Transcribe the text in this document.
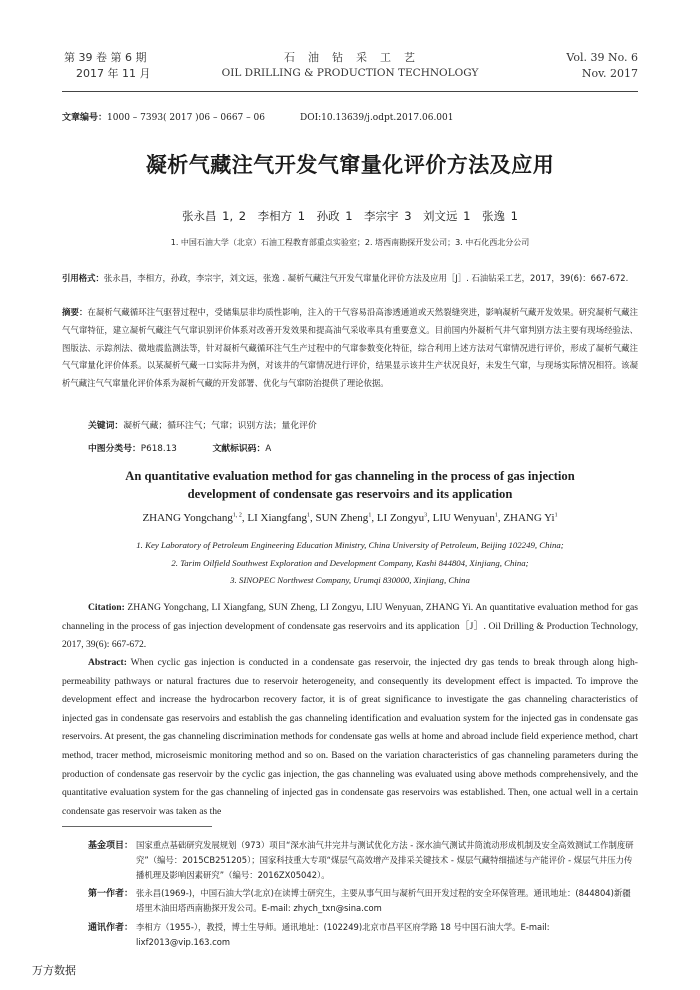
第 39 卷 第 6 期
2017 年 11 月
石　油　钻　采　工　艺
OIL DRILLING & PRODUCTION TECHNOLOGY
Vol. 39 No. 6
Nov. 2017
文章编号：1000 – 7393( 2017 )06 – 0667 – 06	DOI:10.13639/j.odpt.2017.06.001
凝析气藏注气开发气窜量化评价方法及应用
张永昌 1, 2　李相方 1　孙政 1　李宗宇 3　刘文远 1　张逸 1
1. 中国石油大学（北京）石油工程教育部重点实验室；2. 塔西南勘探开发公司；3. 中石化西北分公司
引用格式：张永昌，李相方，孙政，李宗宇，刘文远，张逸 . 凝析气藏注气开发气窜量化评价方法及应用［J］. 石油钻采工艺，2017，39(6)：667-672.
摘要：在凝析气藏循环注气驱替过程中，受储集层非均质性影响，注入的干气容易沿高渗透通道或天然裂缝突进，影响凝析气藏开发效果。研究凝析气藏注气气窜特征，建立凝析气藏注气气窜识别评价体系对改善开发效果和提高油气采收率具有重要意义。目前国内外凝析气井气窜判别方法主要有现场经验法、图版法、示踪剂法、微地震监测法等，针对凝析气藏循环注气生产过程中的气窜参数变化特征，综合利用上述方法对气窜情况进行评价，形成了凝析气藏注气气窜量化评价体系。以某凝析气藏一口实际井为例，对该井的气窜情况进行评价，结果显示该井生产状况良好，未发生气窜，与现场实际情况相符。该凝析气藏注气气窜量化评价体系为凝析气藏的开发部署、优化与气窜防治提供了理论依据。
关键词：凝析气藏；循环注气；气窜；识别方法；量化评价
中图分类号：P618.13	文献标识码：A
An quantitative evaluation method for gas channeling in the process of gas injection
development of condensate gas reservoirs and its application
ZHANG Yongchang$^{1, 2}$, LI Xiangfang$^1$, SUN Zheng$^1$, LI Zongyu$^3$, LIU Wenyuan$^1$, ZHANG Yi$^1$
1. Key Laboratory of Petroleum Engineering Education Ministry, China University of Petroleum, Beijing 102249, China;
2. Tarim Oilfield Southwest Exploration and Development Company, Kashi 844804, Xinjiang, China;
3. SINOPEC Northwest Company, Urumqi 830000, Xinjiang, China
Citation: ZHANG Yongchang, LI Xiangfang, SUN Zheng, LI Zongyu, LIU Wenyuan, ZHANG Yi. An quantitative evaluation method for gas channeling in the process of gas injection development of condensate gas reservoirs and its application［J］. Oil Drilling & Production Technology, 2017, 39(6): 667-672.
Abstract: When cyclic gas injection is conducted in a condensate gas reservoir, the injected dry gas tends to break through along high-permeability pathways or natural fractures due to reservoir heterogeneity, and consequently its development effect is impacted. To improve the development effect and increase the hydrocarbon recovery factor, it is of great significance to investigate the gas channeling characteristics of injected gas in condensate gas reservoirs and establish the gas channeling identification and evaluation system for the injected gas in condensate gas reservoirs. At present, the gas channeling discrimination methods for condensate gas wells at home and abroad include field experience method, chart method, tracer method, microseismic monitoring method and so on. Based on the variation characteristics of gas channeling parameters during the production of condensate gas reservoir by the cyclic gas injection, the gas channeling was evaluated using above methods comprehensively, and the quantitative evaluation system for the gas channeling of injected gas in condensate gas reservoirs was established. Then, one actual well in a certain condensate gas reservoir was taken as the
基金项目： 国家重点基础研究发展规划（973）项目“深水油气井完井与测试优化方法 - 深水油气测试井筒流动形成机制及安全高效测试工作制度研究”（编号：2015CB251205）；国家科技重大专项“煤层气高效增产及排采关键技术 - 煤层气藏特细描述与产能评价 - 煤层气井压力传播机理及影响因素研究”（编号：2016ZX05042）。
第一作者： 张永昌(1969-)，中国石油大学(北京)在读博士研究生，主要从事气田与凝析气田开发过程的安全环保管理。通讯地址：(844804)新疆塔里木油田塔西南勘探开发公司。E-mail: zhych_txn@sina.com
通讯作者： 李相方（1955-），教授，博士生导师。通讯地址：(102249)北京市昌平区府学路 18 号中国石油大学。E-mail: lixf2013@vip.163.com
万方数据
